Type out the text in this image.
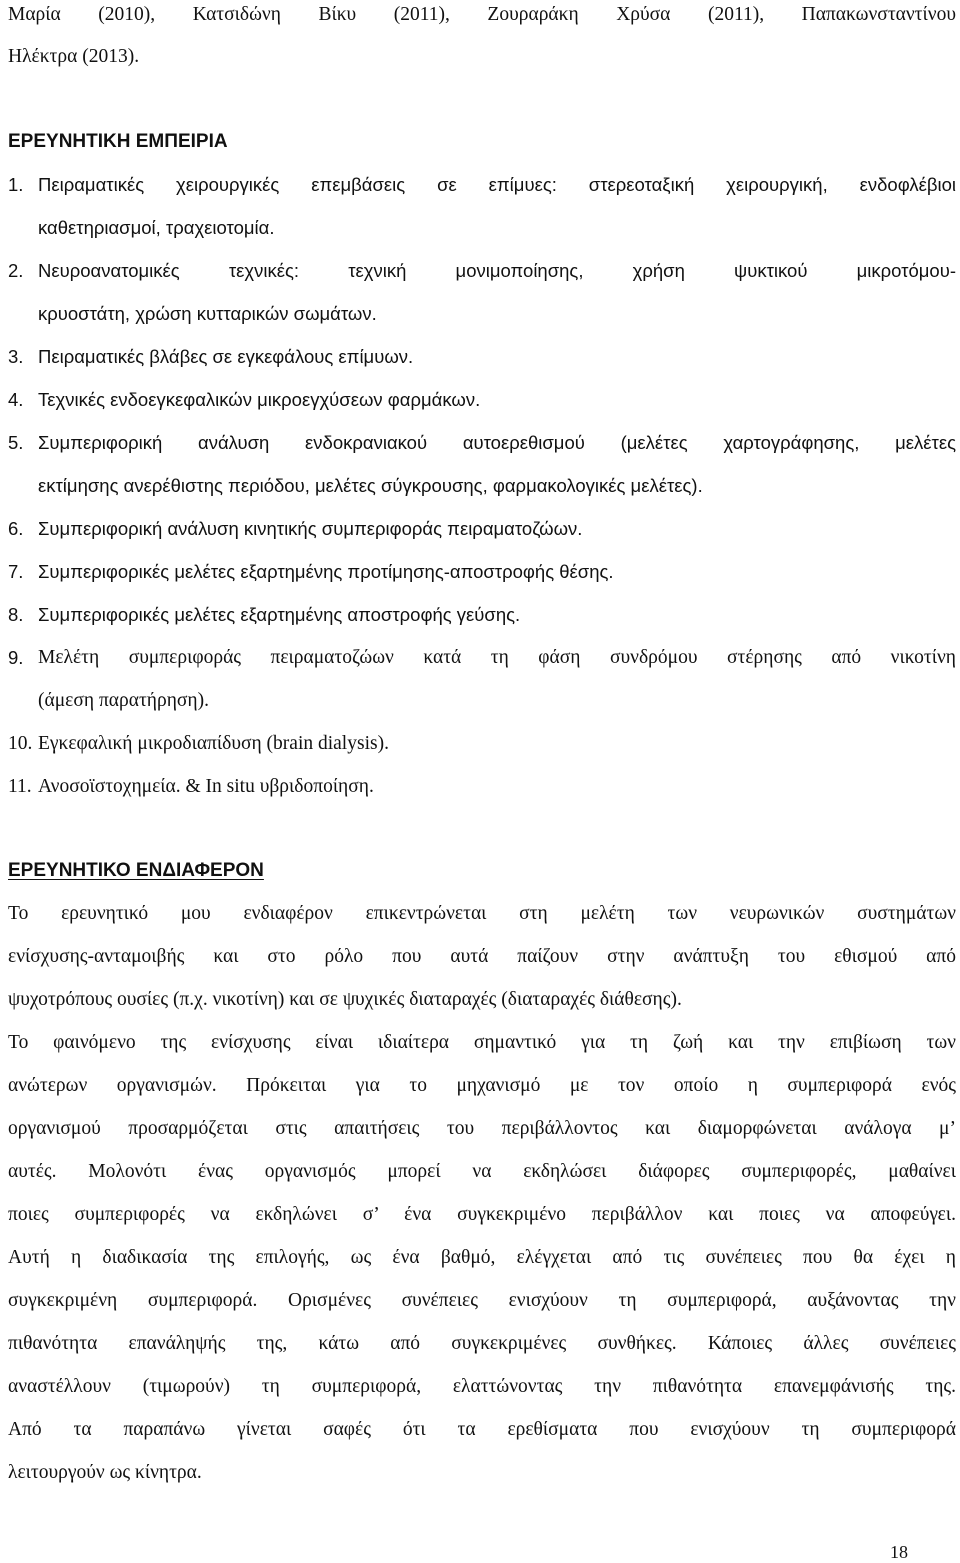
Μαρία (2010), Κατσιδώνη Βίκυ (2011), Ζουραράκη Χρύσα (2011), Παπακωνσταντίνου
Ηλέκτρα (2013).
ΕΡΕΥΝΗΤΙΚΗ ΕΜΠΕΙΡΙΑ
1. Πειραματικές χειρουργικές επεμβάσεις σε επίμυες: στερεοταξική χειρουργική, ενδοφλέβιοι
καθετηριασμοί, τραχειοτομία.
2. Νευροανατομικές τεχνικές: τεχνική μονιμοποίησης, χρήση ψυκτικού μικροτόμου-
κρυοστάτη, χρώση κυτταρικών σωμάτων.
3. Πειραματικές βλάβες σε εγκεφάλους επίμυων.
4. Τεχνικές ενδοεγκεφαλικών μικροεγχύσεων φαρμάκων.
5. Συμπεριφορική ανάλυση ενδοκρανιακού αυτοερεθισμού (μελέτες χαρτογράφησης, μελέτες
εκτίμησης ανερέθιστης περιόδου, μελέτες σύγκρουσης, φαρμακολογικές μελέτες).
6. Συμπεριφορική ανάλυση κινητικής συμπεριφοράς πειραματοζώων.
7. Συμπεριφορικές μελέτες εξαρτημένης προτίμησης-αποστροφής θέσης.
8. Συμπεριφορικές μελέτες εξαρτημένης αποστροφής γεύσης.
9. Μελέτη συμπεριφοράς πειραματοζώων κατά τη φάση συνδρόμου στέρησης από νικοτίνη
(άμεση παρατήρηση).
10. Εγκεφαλική μικροδιαπίδυση (brain dialysis).
11. Ανοσοϊστοχημεία. & In situ υβριδοποίηση.
ΕΡΕΥΝΗΤΙΚΟ ΕΝΔΙΑΦΕΡΟΝ
Το ερευνητικό μου ενδιαφέρον επικεντρώνεται στη μελέτη των νευρωνικών συστημάτων
ενίσχυσης-ανταμοιβής και στο ρόλο που αυτά παίζουν στην ανάπτυξη του εθισμού από
ψυχοτρόπους ουσίες (π.χ. νικοτίνη) και σε ψυχικές διαταραχές (διαταραχές διάθεσης).
Το φαινόμενο της ενίσχυσης είναι ιδιαίτερα σημαντικό για τη ζωή και την επιβίωση των
ανώτερων οργανισμών. Πρόκειται για το μηχανισμό με τον οποίο η συμπεριφορά ενός
οργανισμού προσαρμόζεται στις απαιτήσεις του περιβάλλοντος και διαμορφώνεται ανάλογα μ’
αυτές. Μολονότι ένας οργανισμός μπορεί να εκδηλώσει διάφορες συμπεριφορές, μαθαίνει
ποιες συμπεριφορές να εκδηλώνει σ’ ένα συγκεκριμένο περιβάλλον και ποιες να αποφεύγει.
Αυτή η διαδικασία της επιλογής, ως ένα βαθμό, ελέγχεται από τις συνέπειες που θα έχει η
συγκεκριμένη συμπεριφορά. Ορισμένες συνέπειες ενισχύουν τη συμπεριφορά, αυξάνοντας την
πιθανότητα επανάληψής της, κάτω από συγκεκριμένες συνθήκες. Κάποιες άλλες συνέπειες
αναστέλλουν (τιμωρούν) τη συμπεριφορά, ελαττώνοντας την πιθανότητα επανεμφάνισής της.
Από τα παραπάνω γίνεται σαφές ότι τα ερεθίσματα που ενισχύουν τη συμπεριφορά
λειτουργούν ως κίνητρα.
18
